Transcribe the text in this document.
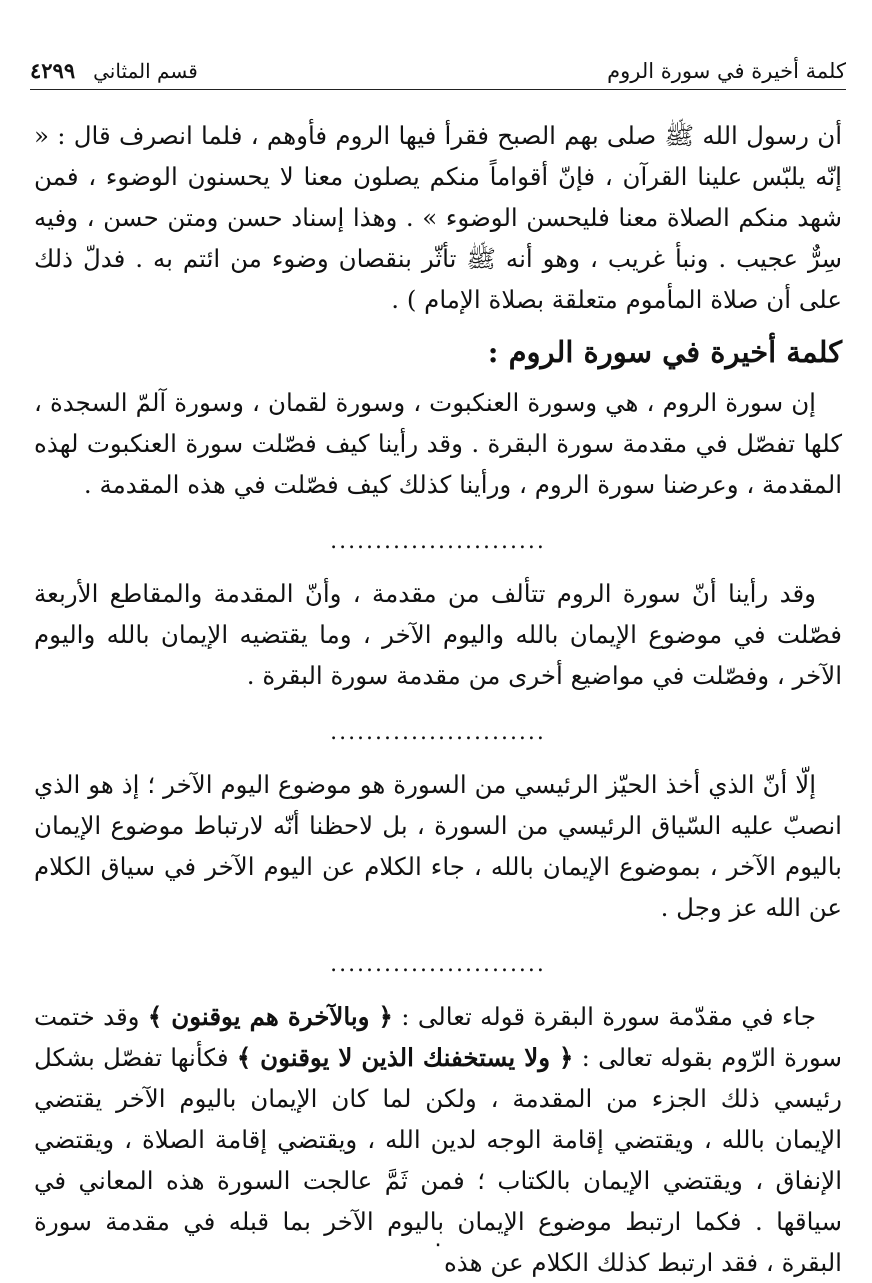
كلمة أخيرة في سورة الروم
قسم المثاني
٤٢٩٩

أن رسول الله ﷺ صلى بهم الصبح فقرأ فيها الروم فأوهم ، فلما انصرف قال : « إنّه يلبّس علينا القرآن ، فإنّ أقواماً منكم يصلون معنا لا يحسنون الوضوء ، فمن شهد منكم الصلاة معنا فليحسن الوضوء » . وهذا إسناد حسن ومتن حسن ، وفيه سِرٌّ عجيب . ونبأ غريب ، وهو أنه ﷺ تأثّر بنقصان وضوء من ائتم به . فدلّ ذلك على أن صلاة المأموم متعلقة بصلاة الإمام ) .

كلمة أخيرة في سورة الروم :

إن سورة الروم ، هي وسورة العنكبوت ، وسورة لقمان ، وسورة آلمّ السجدة ، كلها تفصّل في مقدمة سورة البقرة . وقد رأينا كيف فصّلت سورة العنكبوت لهذه المقدمة ، وعرضنا سورة الروم ، ورأينا كذلك كيف فصّلت في هذه المقدمة .

........................

وقد رأينا أنّ سورة الروم تتألف من مقدمة ، وأنّ المقدمة والمقاطع الأربعة فصّلت في موضوع الإيمان بالله واليوم الآخر ، وما يقتضيه الإيمان بالله واليوم الآخر ، وفصّلت في مواضيع أخرى من مقدمة سورة البقرة .

........................

إلّا أنّ الذي أخذ الحيّز الرئيسي من السورة هو موضوع اليوم الآخر ؛ إذ هو الذي انصبّ عليه السّياق الرئيسي من السورة ، بل لاحظنا أنّه لارتباط موضوع الإيمان باليوم الآخر ، بموضوع الإيمان بالله ، جاء الكلام عن اليوم الآخر في سياق الكلام عن الله عز وجل .

........................

جاء في مقدّمة سورة البقرة قوله تعالى : ﴿ وبالآخرة هم يوقنون ﴾ وقد ختمت سورة الرّوم بقوله تعالى : ﴿ ولا يستخفنك الذين لا يوقنون ﴾ فكأنها تفصّل بشكل رئيسي ذلك الجزء من المقدمة ، ولكن لما كان الإيمان باليوم الآخر يقتضي الإيمان بالله ، ويقتضي إقامة الوجه لدين الله ، ويقتضي إقامة الصلاة ، ويقتضي الإنفاق ، ويقتضي الإيمان بالكتاب ؛ فمن ثَمَّ عالجت السورة هذه المعاني في سياقها . فكما ارتبط موضوع الإيمان باليوم الآخر بما قبله في مقدمة سورة البقرة ، فقد ارتبط كذلك الكلام عن هذه

٠
